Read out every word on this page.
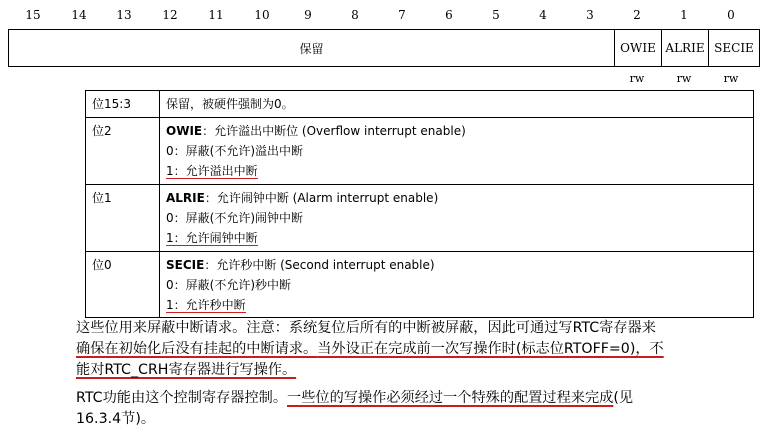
15	14	13	12	11	10	9	8	7	6	5	4	3	2	1	0
保留	OWIE ALRIE SECIE
rw	rw	rw
位15:3	保留，被硬件强制为0。
位2	OWIE：允许溢出中断位 (Overflow interrupt enable)
0：屏蔽(不允许)溢出中断
1：允许溢出中断

位1	ALRIE：允许闹钟中断 (Alarm interrupt enable)
0：屏蔽(不允许)闹钟中断
1：允许闹钟中断

位0	SECIE：允许秒中断 (Second interrupt enable)
0：屏蔽(不允许)秒中断
1：允许秒中断
这些位用来屏蔽中断请求。注意：系统复位后所有的中断被屏蔽，因此可通过写RTC寄存器来
确保在初始化后没有挂起的中断请求。当外设正在完成前一次写操作时(标志位RTOFF=0)，不
能对RTC_CRH寄存器进行写操作。
RTC功能由这个控制寄存器控制。一些位的写操作必须经过一个特殊的配置过程来完成(见
16.3.4节)。
